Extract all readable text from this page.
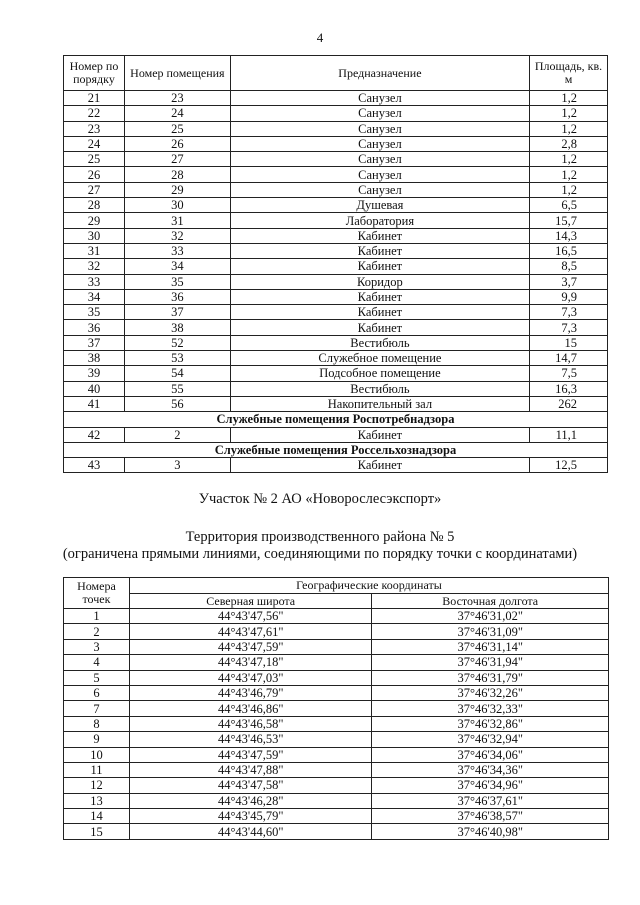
4
Номер по порядку	Номер помещения	Предназначение	Площадь, кв. м
21	23	Санузел	1,2
22	24	Санузел	1,2
23	25	Санузел	1,2
24	26	Санузел	2,8
25	27	Санузел	1,2
26	28	Санузел	1,2
27	29	Санузел	1,2
28	30	Душевая	6,5
29	31	Лаборатория	15,7
30	32	Кабинет	14,3
31	33	Кабинет	16,5
32	34	Кабинет	8,5
33	35	Коридор	3,7
34	36	Кабинет	9,9
35	37	Кабинет	7,3
36	38	Кабинет	7,3
37	52	Вестибюль	15
38	53	Служебное помещение	14,7
39	54	Подсобное помещение	7,5
40	55	Вестибюль	16,3
41	56	Накопительный зал	262
Служебные помещения Роспотребнадзора			
42	2	Кабинет	11,1
Служебные помещения Россельхознадзора			
43	3	Кабинет	12,5
Участок № 2 АО «Новорослесэкспорт»
Территория производственного района № 5
(ограничена прямыми линиями, соединяющими по порядку точки с координатами)
Номера точек	Географические координаты	
	Северная широта	Восточная долгота
1	44°43'47,56"	37°46'31,02"
2	44°43'47,61"	37°46'31,09"
3	44°43'47,59"	37°46'31,14"
4	44°43'47,18"	37°46'31,94"
5	44°43'47,03"	37°46'31,79"
6	44°43'46,79"	37°46'32,26"
7	44°43'46,86"	37°46'32,33"
8	44°43'46,58"	37°46'32,86"
9	44°43'46,53"	37°46'32,94"
10	44°43'47,59"	37°46'34,06"
11	44°43'47,88"	37°46'34,36"
12	44°43'47,58"	37°46'34,96"
13	44°43'46,28"	37°46'37,61"
14	44°43'45,79"	37°46'38,57"
15	44°43'44,60"	37°46'40,98"
